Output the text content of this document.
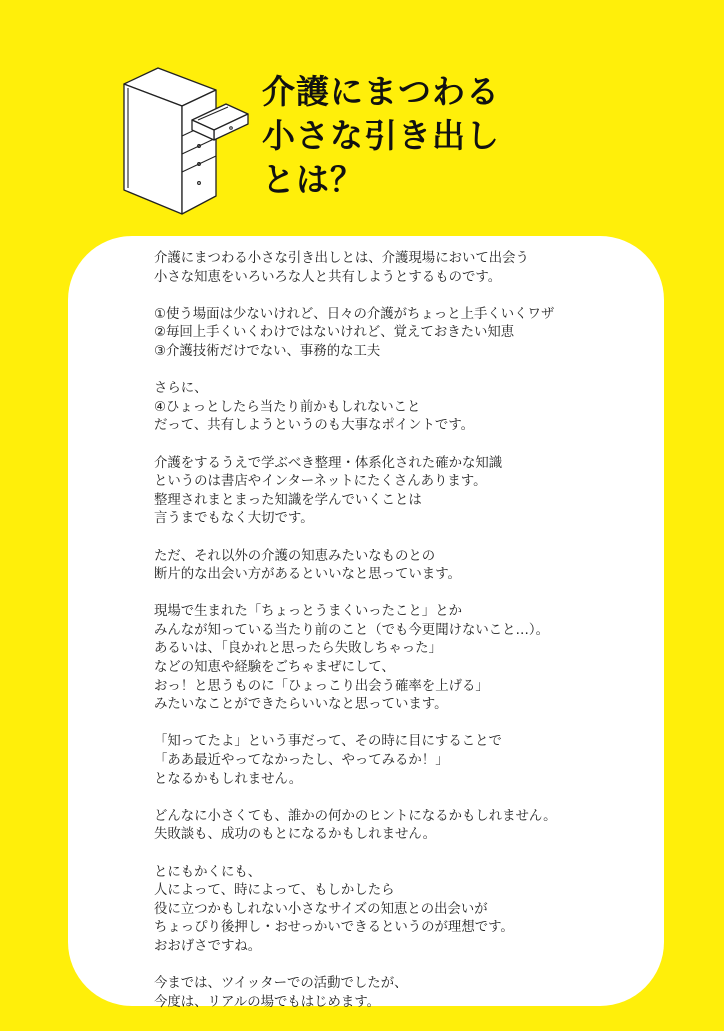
介護にまつわる
小さな引き出し
とは？

介護にまつわる小さな引き出しとは、介護現場において出会う
小さな知恵をいろいろな人と共有しようとするものです。

①使う場面は少ないけれど、日々の介護がちょっと上手くいくワザ
②毎回上手くいくわけではないけれど、覚えておきたい知恵
③介護技術だけでない、事務的な工夫

さらに、
④ひょっとしたら当たり前かもしれないこと
だって、共有しようというのも大事なポイントです。

介護をするうえで学ぶべき整理・体系化された確かな知識
というのは書店やインターネットにたくさんあります。
整理されまとまった知識を学んでいくことは
言うまでもなく大切です。

ただ、それ以外の介護の知恵みたいなものとの
断片的な出会い方があるといいなと思っています。

現場で生まれた「ちょっとうまくいったこと」とか
みんなが知っている当たり前のこと（でも今更聞けないこと…）。
あるいは、「良かれと思ったら失敗しちゃった」
などの知恵や経験をごちゃまぜにして、
おっ！と思うものに「ひょっこり出会う確率を上げる」
みたいなことができたらいいなと思っています。

「知ってたよ」という事だって、その時に目にすることで
「ああ最近やってなかったし、やってみるか！」
となるかもしれません。

どんなに小さくても、誰かの何かのヒントになるかもしれません。
失敗談も、成功のもとになるかもしれません。

とにもかくにも、
人によって、時によって、もしかしたら
役に立つかもしれない小さなサイズの知恵との出会いが
ちょっぴり後押し・おせっかいできるというのが理想です。
おおげさですね。

今までは、ツイッターでの活動でしたが、
今度は、リアルの場でもはじめます。
